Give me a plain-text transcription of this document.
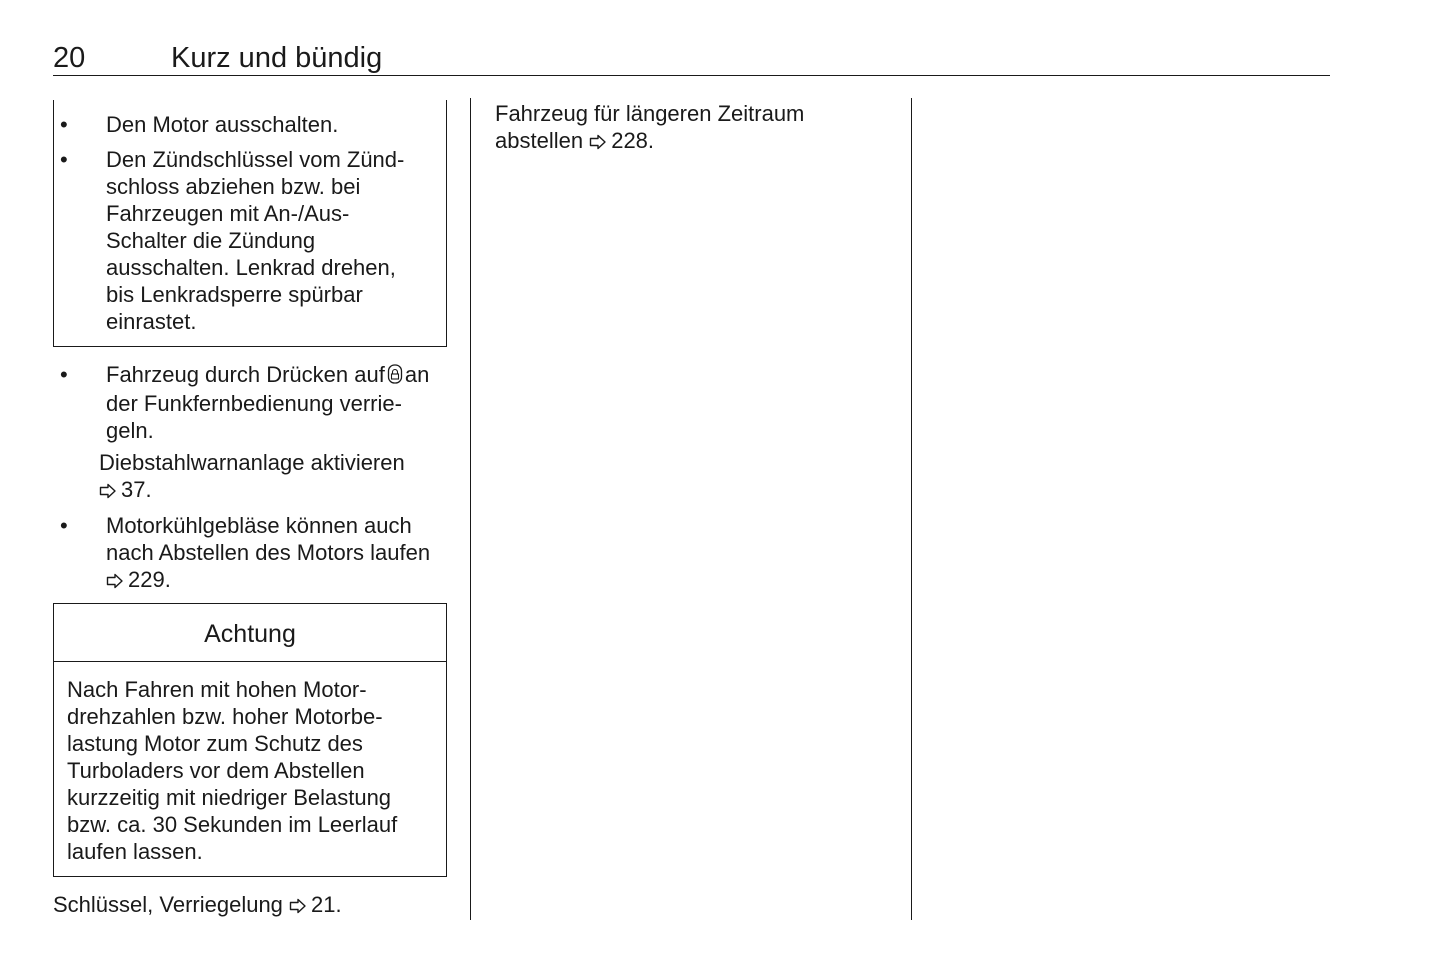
20	Kurz und bündig
•	Den Motor ausschalten.
•	Den Zündschlüssel vom Zünd-
schloss abziehen bzw. bei
Fahrzeugen mit An-/Aus-
Schalter die Zündung
ausschalten. Lenkrad drehen,
bis Lenkradsperre spürbar
einrastet.
•	Fahrzeug durch Drücken auf an
der Funkfernbedienung verrie-
geln.
Diebstahlwarnanlage aktivieren
37.
•	Motorkühlgebläse können auch
nach Abstellen des Motors laufen
229.
Achtung
Nach Fahren mit hohen Motor-
drehzahlen bzw. hoher Motorbe-
lastung Motor zum Schutz des
Turboladers vor dem Abstellen
kurzzeitig mit niedriger Belastung
bzw. ca. 30 Sekunden im Leerlauf
laufen lassen.
Schlüssel, Verriegelung 21.
Fahrzeug für längeren Zeitraum
abstellen 228.
